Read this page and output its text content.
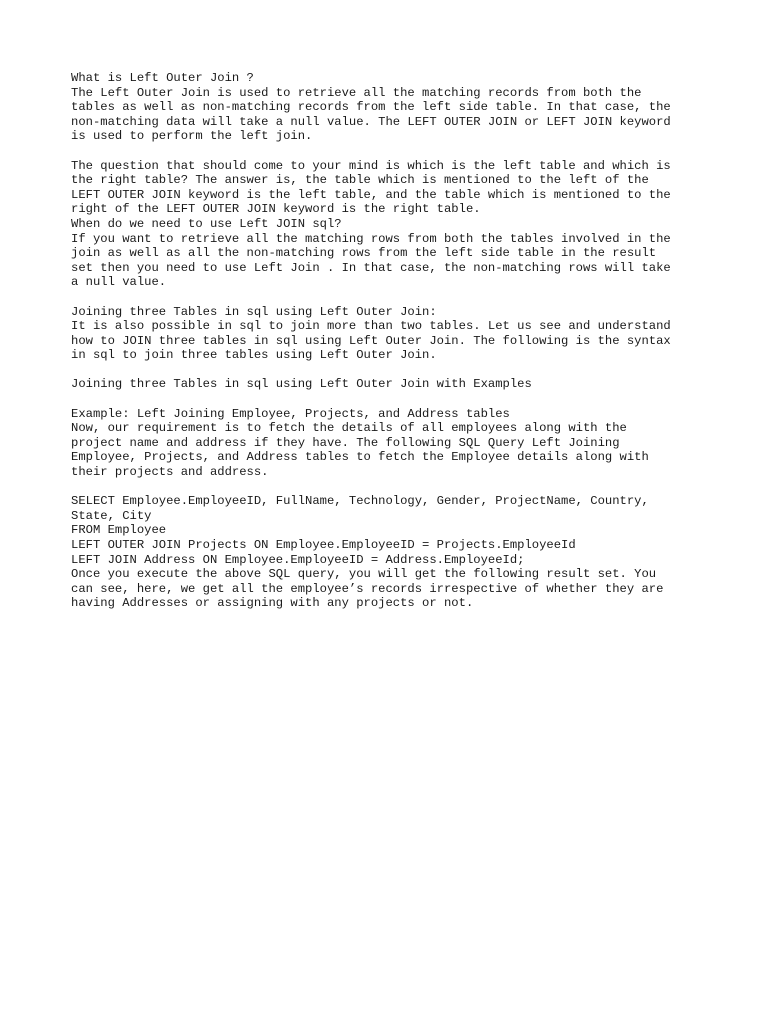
What is Left Outer Join ?
The Left Outer Join is used to retrieve all the matching records from both the
tables as well as non-matching records from the left side table. In that case, the
non-matching data will take a null value. The LEFT OUTER JOIN or LEFT JOIN keyword
is used to perform the left join.
The question that should come to your mind is which is the left table and which is
the right table? The answer is, the table which is mentioned to the left of the
LEFT OUTER JOIN keyword is the left table, and the table which is mentioned to the
right of the LEFT OUTER JOIN keyword is the right table.
When do we need to use Left JOIN sql?
If you want to retrieve all the matching rows from both the tables involved in the
join as well as all the non-matching rows from the left side table in the result
set then you need to use Left Join . In that case, the non-matching rows will take
a null value.
Joining three Tables in sql using Left Outer Join:
It is also possible in sql to join more than two tables. Let us see and understand
how to JOIN three tables in sql using Left Outer Join. The following is the syntax
in sql to join three tables using Left Outer Join.
Joining three Tables in sql using Left Outer Join with Examples
Example: Left Joining Employee, Projects, and Address tables
Now, our requirement is to fetch the details of all employees along with the
project name and address if they have. The following SQL Query Left Joining
Employee, Projects, and Address tables to fetch the Employee details along with
their projects and address.
SELECT Employee.EmployeeID, FullName, Technology, Gender, ProjectName, Country,
State, City
FROM Employee
LEFT OUTER JOIN Projects ON Employee.EmployeeID = Projects.EmployeeId
LEFT JOIN Address ON Employee.EmployeeID = Address.EmployeeId;
Once you execute the above SQL query, you will get the following result set. You
can see, here, we get all the employee’s records irrespective of whether they are
having Addresses or assigning with any projects or not.
